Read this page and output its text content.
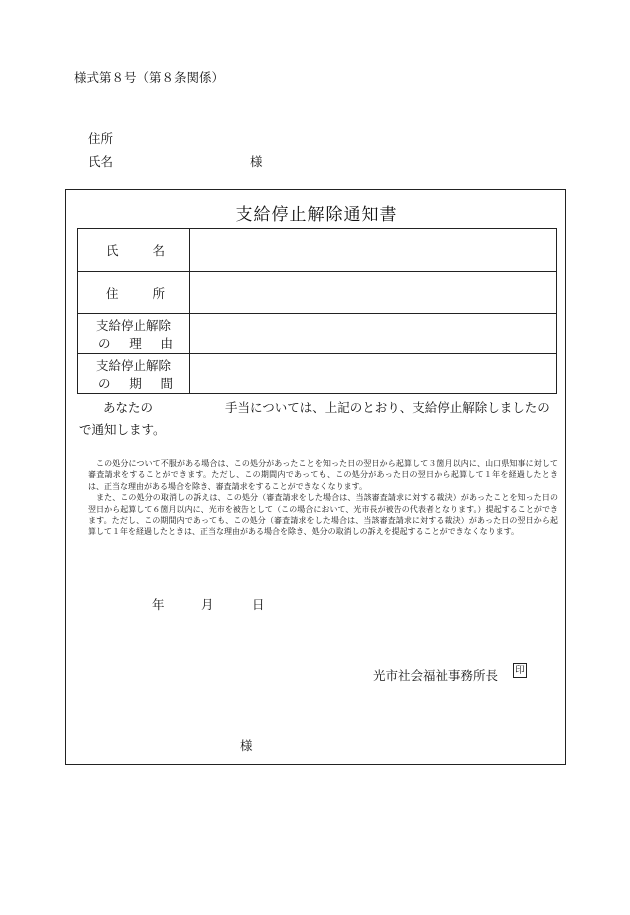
様式第８号（第８条関係）
住所
氏名	様
支給停止解除通知書
氏 名	

住 所	

支給停止解除
の 理 由	

支給停止解除
の 期 間	

あなたの	手当については、上記のとおり、支給停止解除しましたので通知します。

この処分について不服がある場合は、この処分があったことを知った日の翌日から起算して３箇月以内に、山口県知事に対して審査請求をすることができます。ただし、この期間内であっても、この処分があった日の翌日から起算して１年を経過したときは、正当な理由がある場合を除き、審査請求をすることができなくなります。

また、この処分の取消しの訴えは、この処分（審査請求をした場合は、当該審査請求に対する裁決）があったことを知った日の翌日から起算して６箇月以内に、光市を被告として（この場合において、光市長が被告の代表者となります。）提起することができます。ただし、この期間内であっても、この処分（審査請求をした場合は、当該審査請求に対する裁決）があった日の翌日から起算して１年を経過したときは、正当な理由がある場合を除き、処分の取消しの訴えを提起することができなくなります。

年	月	日
光市社会福祉事務所長 印
様
